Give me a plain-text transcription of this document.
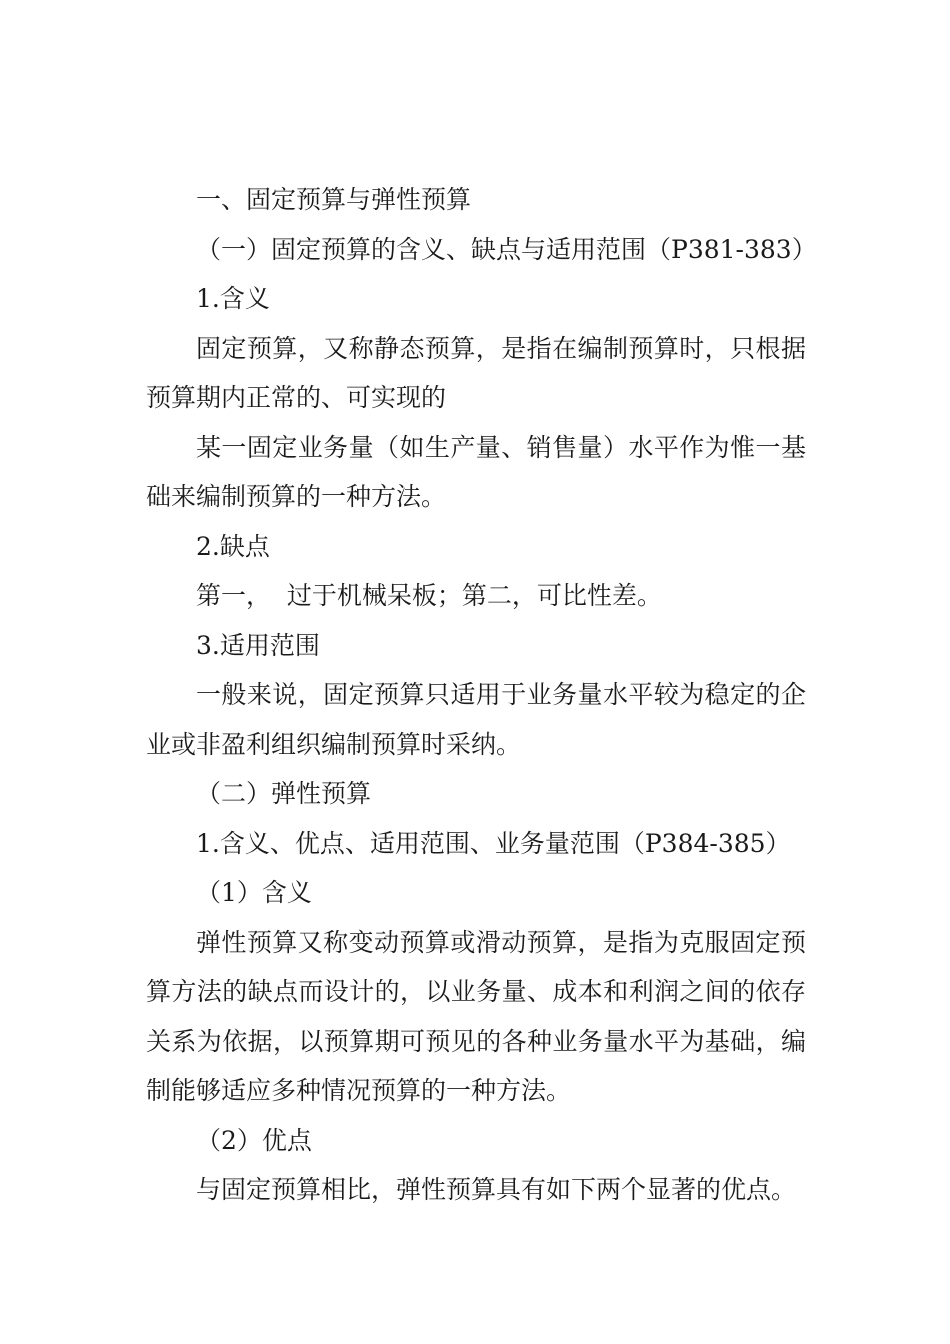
一、固定预算与弹性预算

（一）固定预算的含义、缺点与适用范围（P381-383）

1.含义

固定预算，又称静态预算，是指在编制预算时，只根据预算期内正常的、可实现的

某一固定业务量（如生产量、销售量）水平作为惟一基础来编制预算的一种方法。

2.缺点

第一，  过于机械呆板；第二，可比性差。

3.适用范围

一般来说，固定预算只适用于业务量水平较为稳定的企业或非盈利组织编制预算时采纳。

（二）弹性预算

1.含义、优点、适用范围、业务量范围（P384-385）

（1）含义

弹性预算又称变动预算或滑动预算，是指为克服固定预算方法的缺点而设计的，以业务量、成本和利润之间的依存关系为依据，以预算期可预见的各种业务量水平为基础，编制能够适应多种情况预算的一种方法。

（2）优点

与固定预算相比，弹性预算具有如下两个显著的优点。
